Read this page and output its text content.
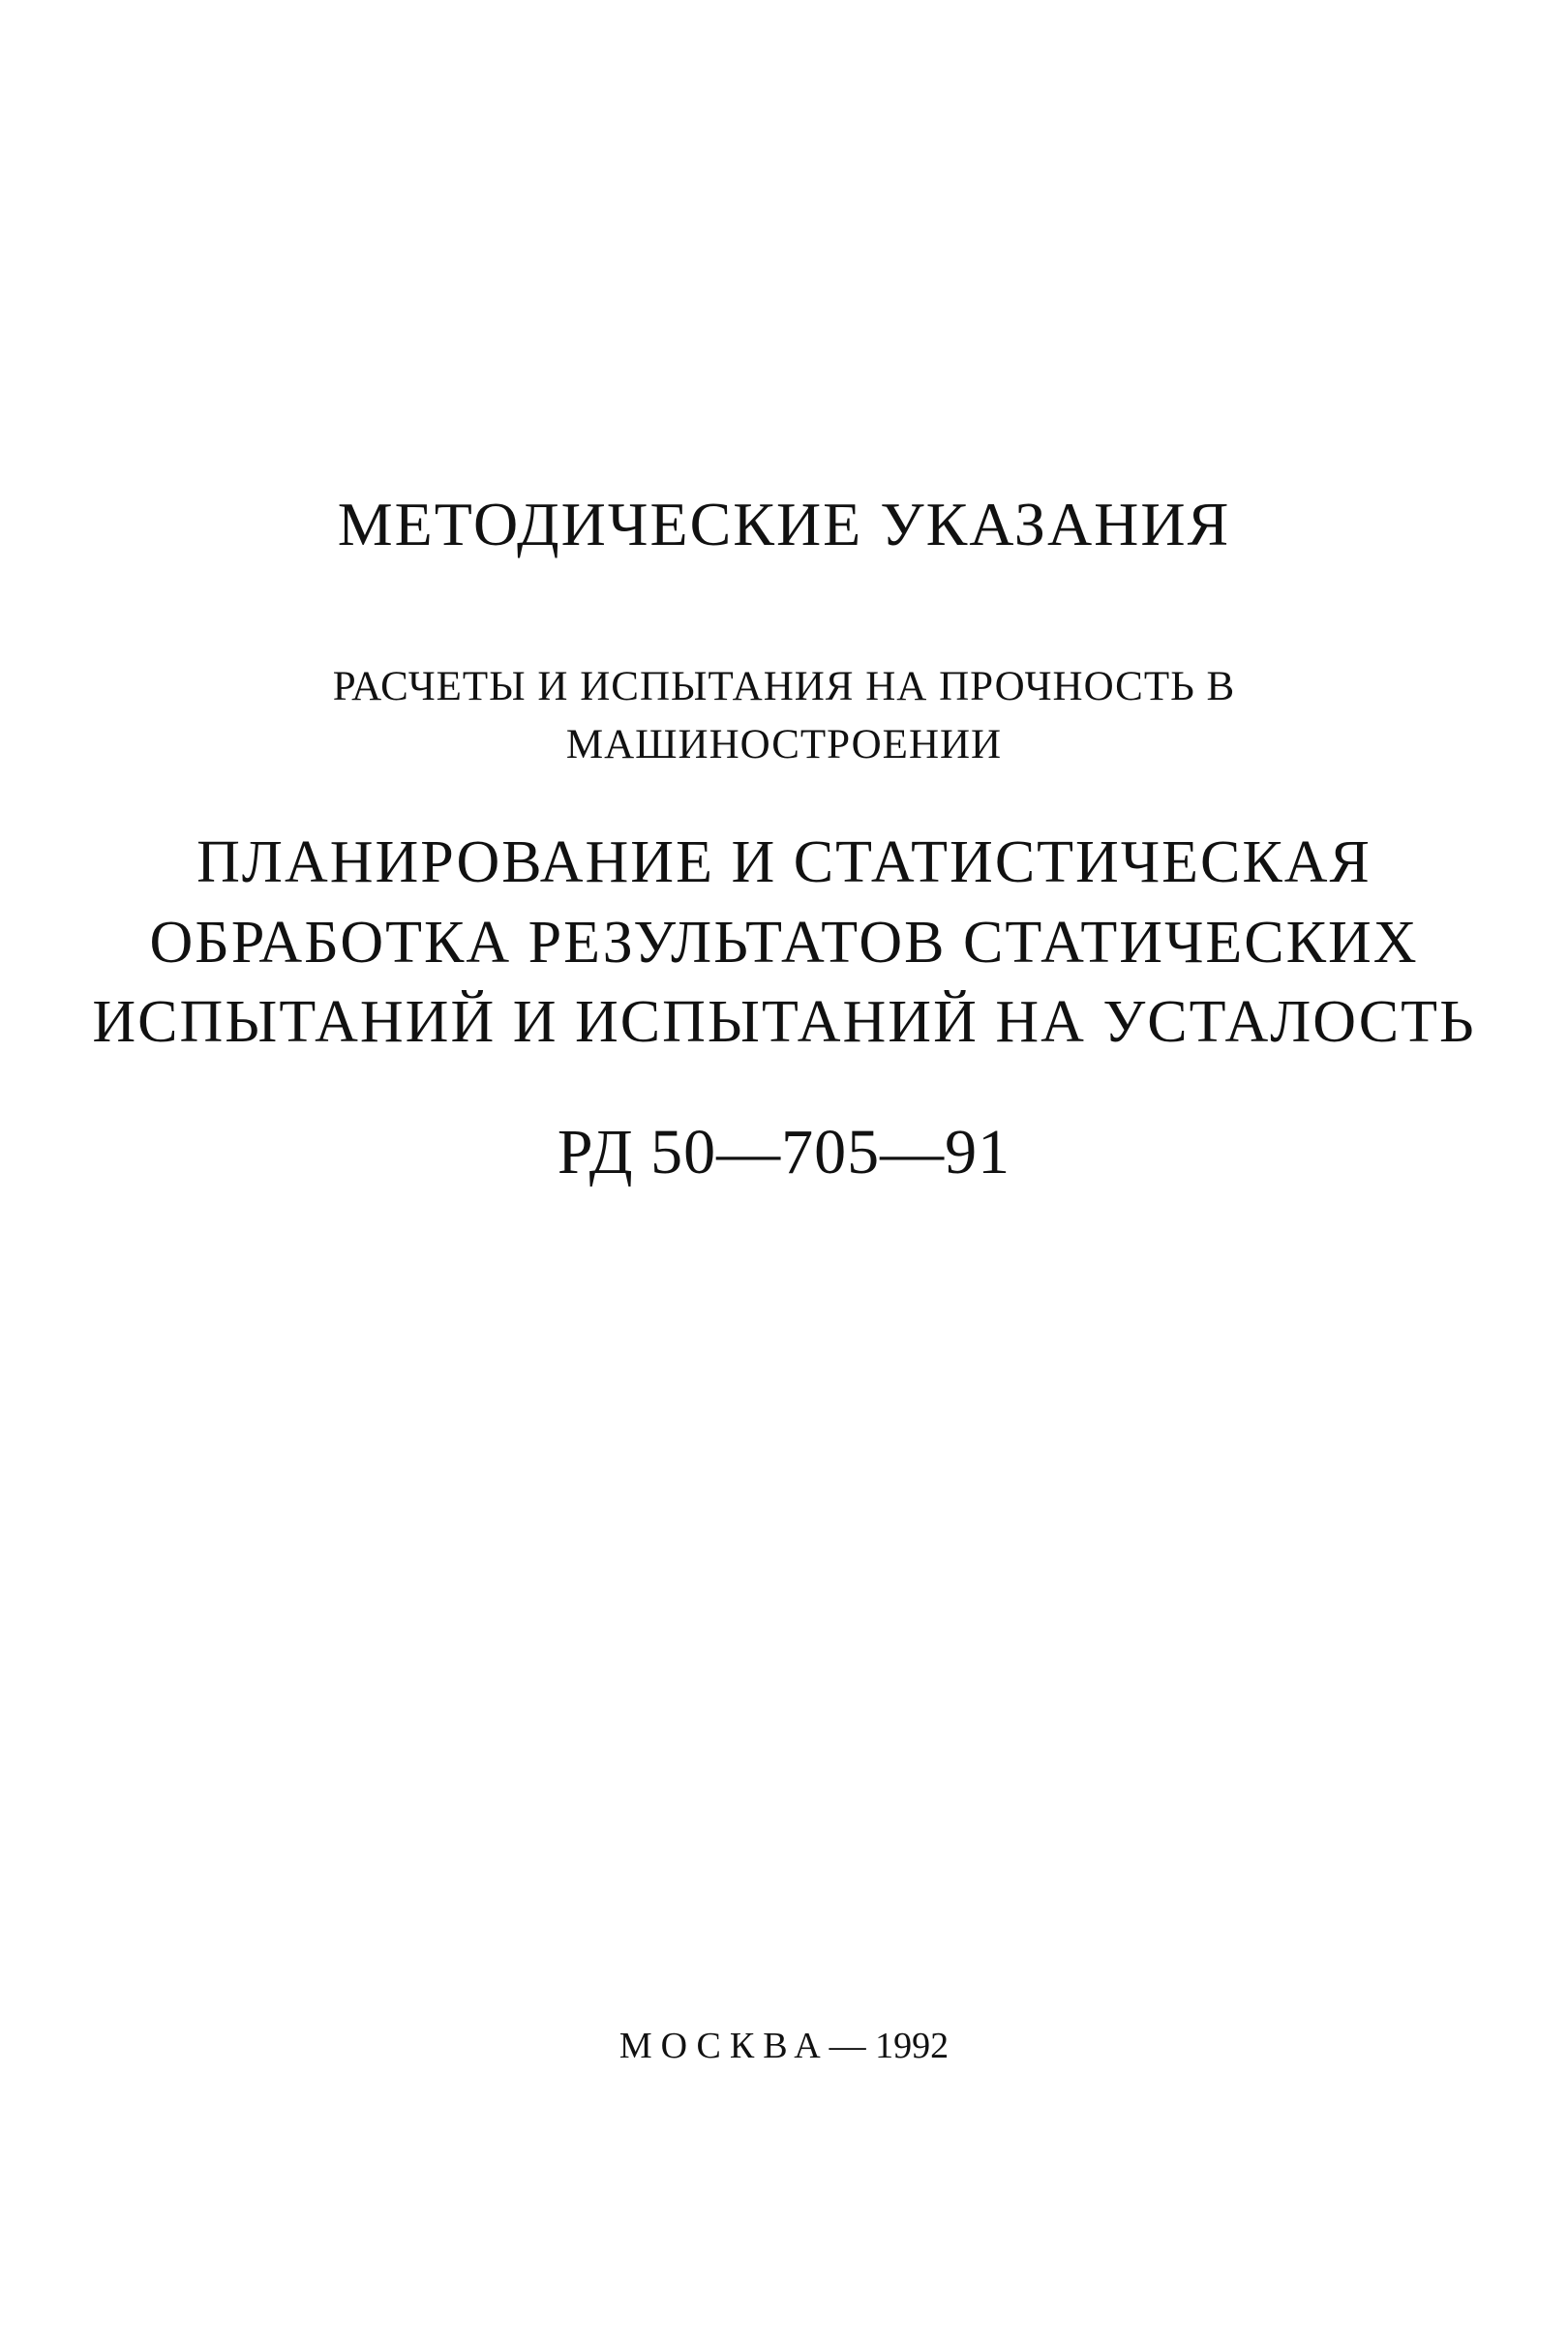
МЕТОДИЧЕСКИЕ УКАЗАНИЯ
РАСЧЕТЫ И ИСПЫТАНИЯ НА ПРОЧНОСТЬ В
МАШИНОСТРОЕНИИ
ПЛАНИРОВАНИЕ И СТАТИСТИЧЕСКАЯ
ОБРАБОТКА РЕЗУЛЬТАТОВ СТАТИЧЕСКИХ
ИСПЫТАНИЙ И ИСПЫТАНИЙ НА УСТАЛОСТЬ
РД 50—705—91
МОСКВА— 1992
